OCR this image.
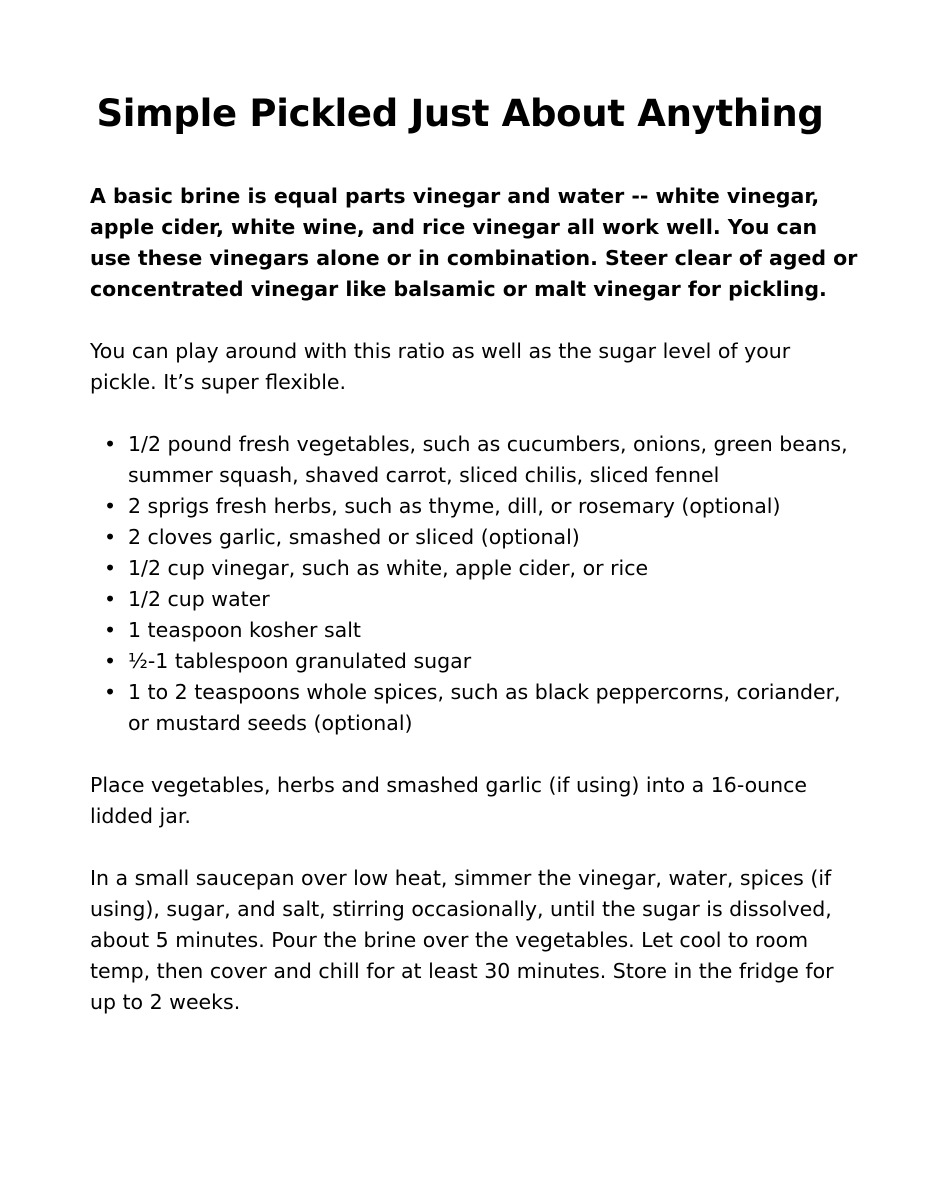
Simple Pickled Just About Anything

A basic brine is equal parts vinegar and water -- white vinegar, apple cider, white wine, and rice vinegar all work well. You can use these vinegars alone or in combination. Steer clear of aged or concentrated vinegar like balsamic or malt vinegar for pickling.

You can play around with this ratio as well as the sugar level of your pickle. It’s super flexible.

• 1/2 pound fresh vegetables, such as cucumbers, onions, green beans, summer squash, shaved carrot, sliced chilis, sliced fennel
• 2 sprigs fresh herbs, such as thyme, dill, or rosemary (optional)
• 2 cloves garlic, smashed or sliced (optional)
• 1/2 cup vinegar, such as white, apple cider, or rice
• 1/2 cup water
• 1 teaspoon kosher salt
• ½-1 tablespoon granulated sugar
• 1 to 2 teaspoons whole spices, such as black peppercorns, coriander, or mustard seeds (optional)

Place vegetables, herbs and smashed garlic (if using) into a 16-ounce lidded jar.

In a small saucepan over low heat, simmer the vinegar, water, spices (if using), sugar, and salt, stirring occasionally, until the sugar is dissolved, about 5 minutes. Pour the brine over the vegetables. Let cool to room temp, then cover and chill for at least 30 minutes. Store in the fridge for up to 2 weeks.
